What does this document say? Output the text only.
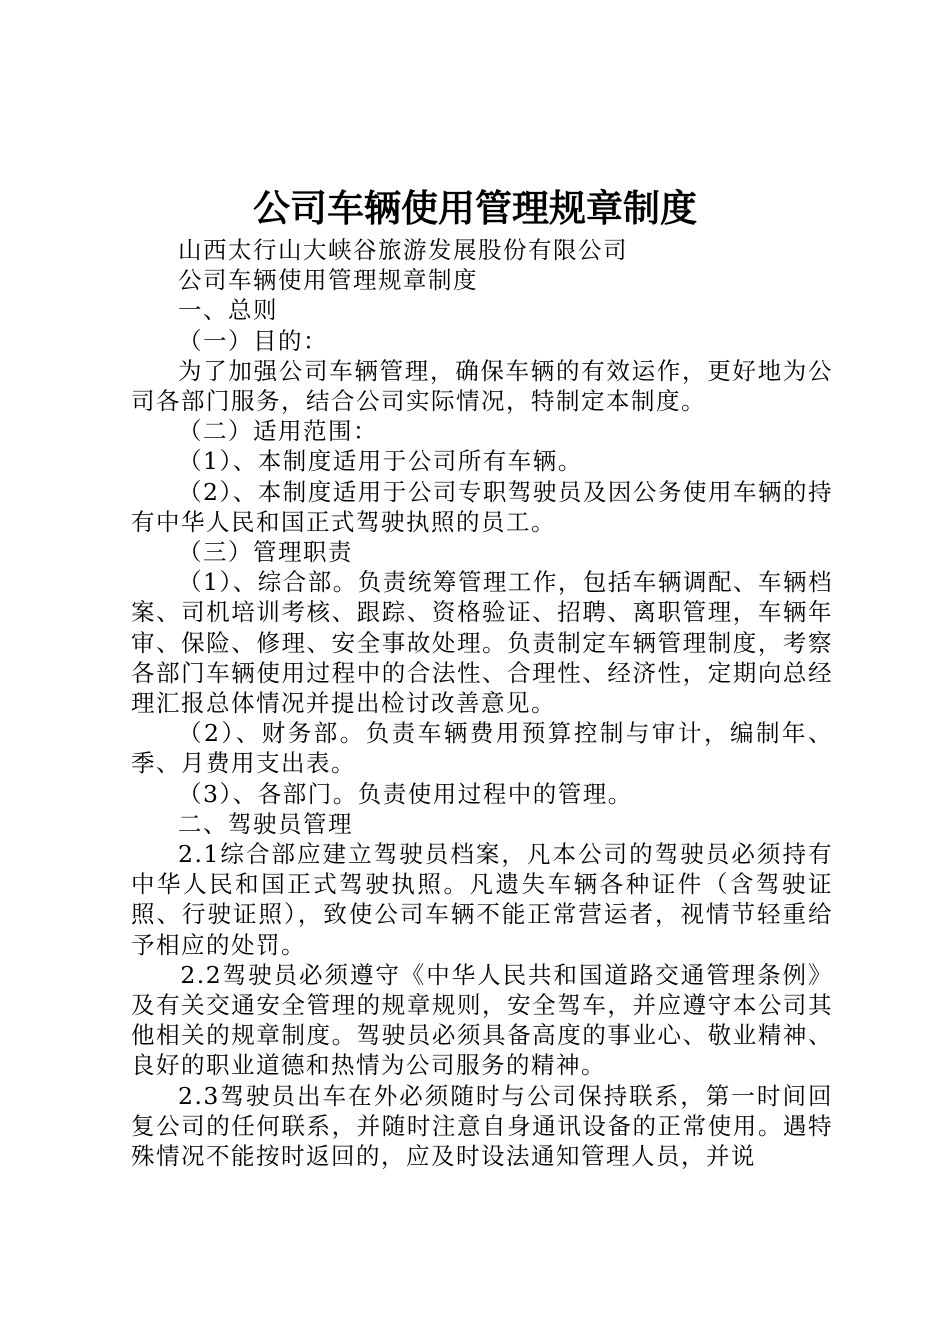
公司车辆使用管理规章制度

山西太行山大峡谷旅游发展股份有限公司

公司车辆使用管理规章制度

一、总则

（一）目的：

为了加强公司车辆管理，确保车辆的有效运作，更好地为公司各部门服务，结合公司实际情况，特制定本制度。

（二）适用范围：

（1）、本制度适用于公司所有车辆。

（2）、本制度适用于公司专职驾驶员及因公务使用车辆的持有中华人民和国正式驾驶执照的员工。

（三）管理职责

（1）、综合部。负责统筹管理工作，包括车辆调配、车辆档案、司机培训考核、跟踪、资格验证、招聘、离职管理，车辆年审、保险、修理、安全事故处理。负责制定车辆管理制度，考察各部门车辆使用过程中的合法性、合理性、经济性，定期向总经理汇报总体情况并提出检讨改善意见。

（2）、财务部。负责车辆费用预算控制与审计，编制年、季、月费用支出表。

（3）、各部门。负责使用过程中的管理。

二、驾驶员管理

2.1综合部应建立驾驶员档案，凡本公司的驾驶员必须持有中华人民和国正式驾驶执照。凡遗失车辆各种证件（含驾驶证照、行驶证照），致使公司车辆不能正常营运者，视情节轻重给予相应的处罚。

2.2驾驶员必须遵守《中华人民共和国道路交通管理条例》及有关交通安全管理的规章规则，安全驾车，并应遵守本公司其他相关的规章制度。驾驶员必须具备高度的事业心、敬业精神、良好的职业道德和热情为公司服务的精神。

2.3驾驶员出车在外必须随时与公司保持联系，第一时间回复公司的任何联系，并随时注意自身通讯设备的正常使用。遇特殊情况不能按时返回的，应及时设法通知管理人员，并说
